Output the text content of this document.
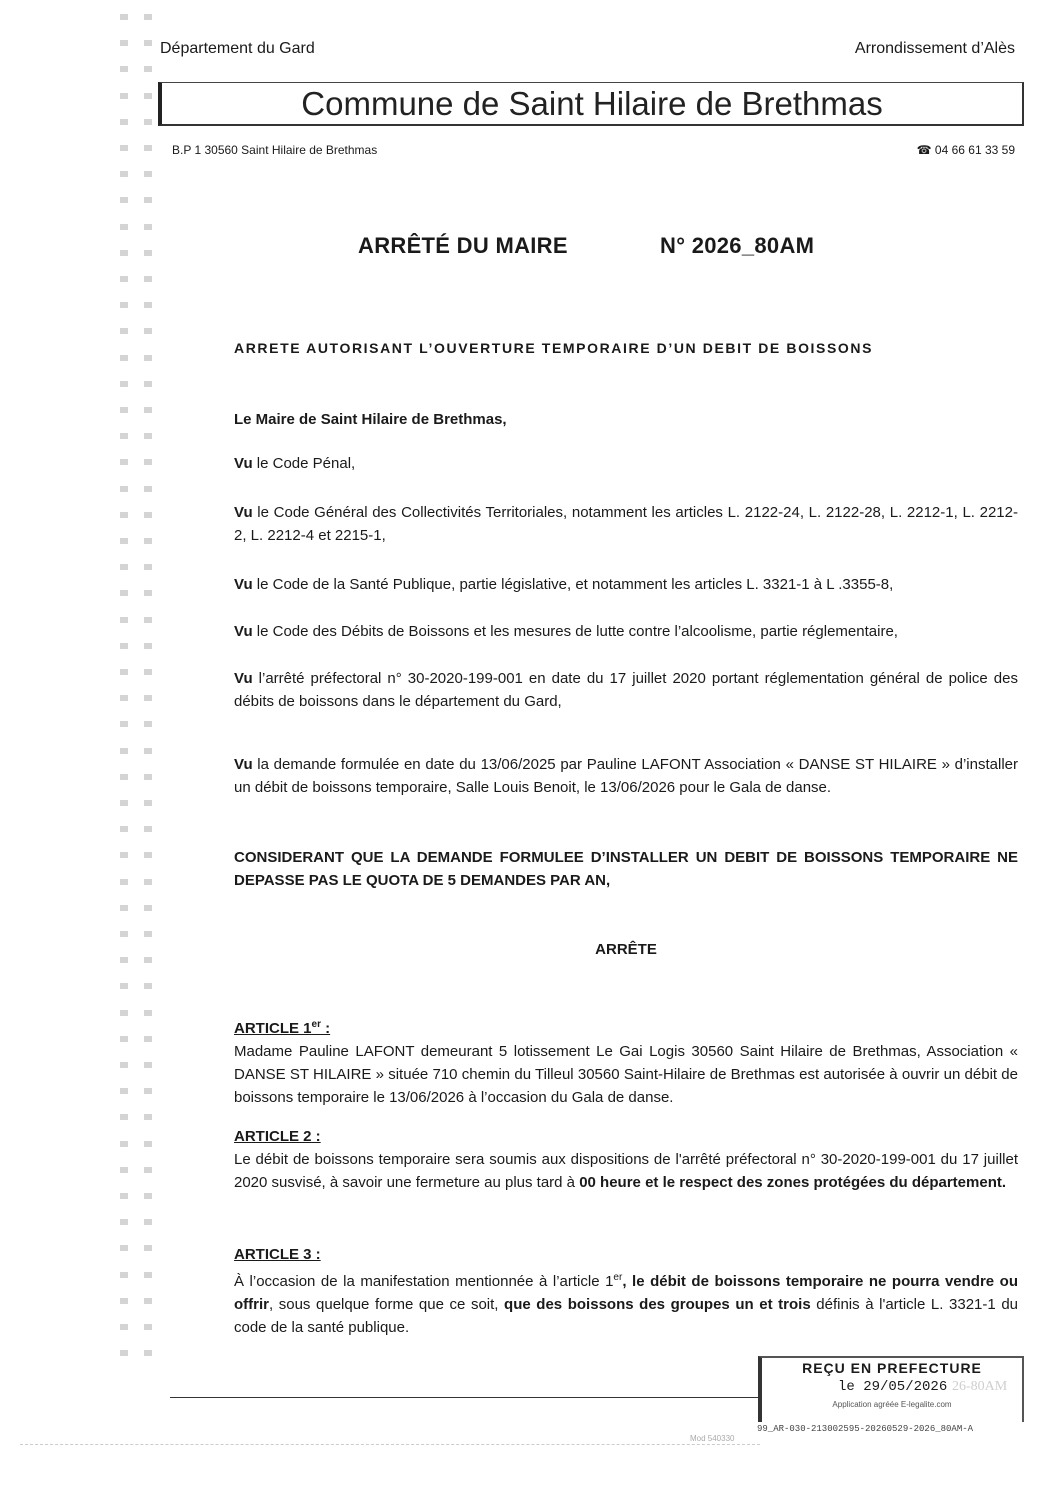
Département du Gard	Arrondissement d’Alès
Commune de Saint Hilaire de Brethmas
B.P 1 30560 Saint Hilaire de Brethmas	☎ 04 66 61 33 59
ARRÊTÉ DU MAIRE	N° 2026_80AM
ARRETE AUTORISANT L’OUVERTURE TEMPORAIRE D’UN DEBIT DE BOISSONS
Le Maire de Saint Hilaire de Brethmas,
Vu le Code Pénal,
Vu le Code Général des Collectivités Territoriales, notamment les articles L. 2122-24, L. 2122-28, L. 2212-1, L. 2212-2, L. 2212-4 et 2215-1,
Vu le Code de la Santé Publique, partie législative, et notamment les articles L. 3321-1 à L .3355-8,
Vu le Code des Débits de Boissons et les mesures de lutte contre l’alcoolisme, partie réglementaire,
Vu l’arrêté préfectoral n° 30-2020-199-001 en date du 17 juillet 2020 portant réglementation général de police des débits de boissons dans le département du Gard,
Vu la demande formulée en date du 13/06/2025 par Pauline LAFONT Association « DANSE ST HILAIRE » d’installer un débit de boissons temporaire, Salle Louis Benoit, le 13/06/2026 pour le Gala de danse.
CONSIDERANT QUE LA DEMANDE FORMULEE D’INSTALLER UN DEBIT DE BOISSONS TEMPORAIRE NE DEPASSE PAS LE QUOTA DE 5 DEMANDES PAR AN,
ARRÊTE
ARTICLE 1er :
Madame Pauline LAFONT demeurant 5 lotissement Le Gai Logis 30560 Saint Hilaire de Brethmas, Association « DANSE ST HILAIRE » située 710 chemin du Tilleul 30560 Saint-Hilaire de Brethmas est autorisée à ouvrir un débit de boissons temporaire le 13/06/2026 à l’occasion du Gala de danse.
ARTICLE 2 :
Le débit de boissons temporaire sera soumis aux dispositions de l'arrêté préfectoral n° 30-2020-199-001 du 17 juillet 2020 susvisé, à savoir une fermeture au plus tard à 00 heure et le respect des zones protégées du département.
ARTICLE 3 :
À l’occasion de la manifestation mentionnée à l’article 1er, le débit de boissons temporaire ne pourra vendre ou offrir, sous quelque forme que ce soit, que des boissons des groupes un et trois définis à l'article L. 3321-1 du code de la santé publique.
REÇU EN PREFECTURE
le 29/05/2026 26-80AM
Application agréée E-legalite.com
99_AR-030-213002595-20260529-2026_80AM-A
Mod 540330
